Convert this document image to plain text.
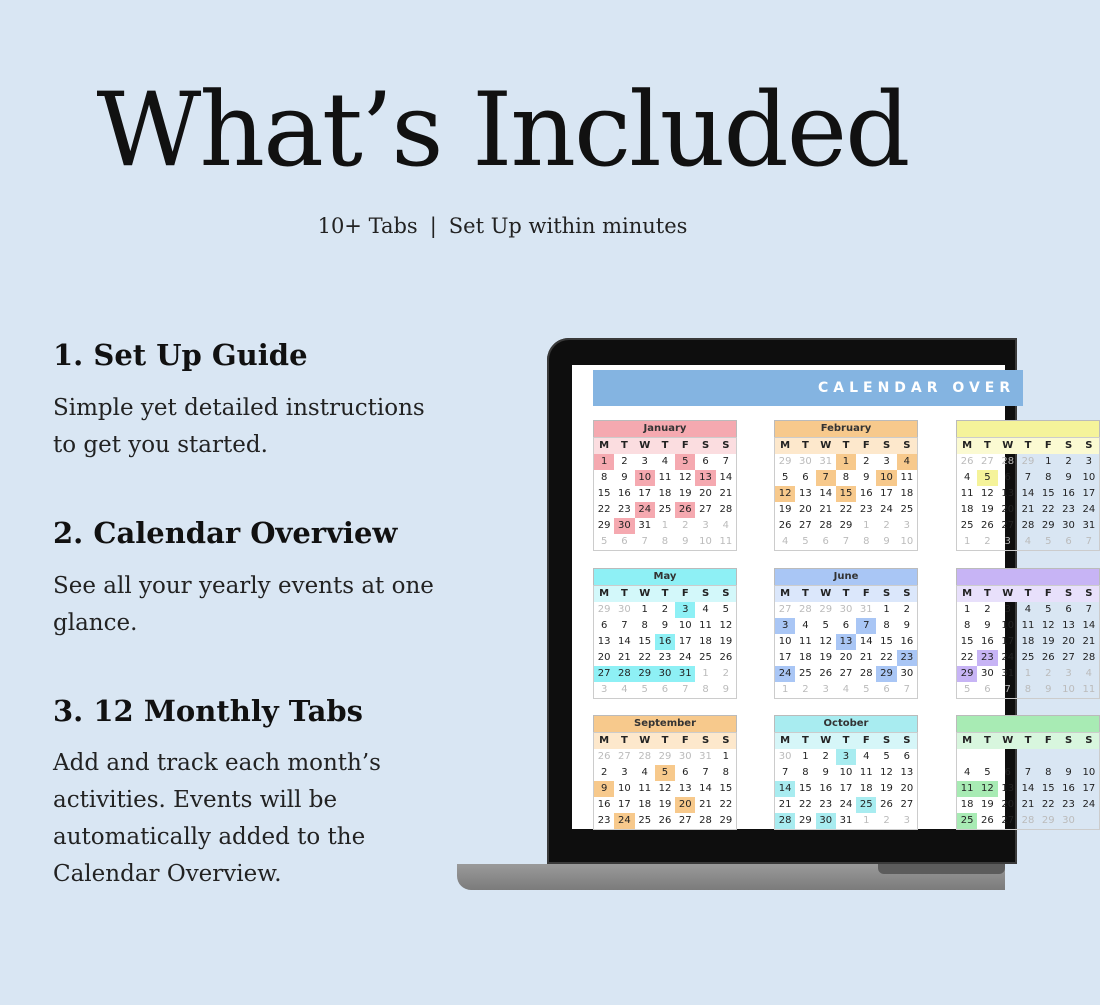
What’s Included
10+ Tabs | Set Up within minutes
1. Set Up Guide
Simple yet detailed instructions
to get you started.
2. Calendar Overview
See all your yearly events at one
glance.
3. 12 Monthly Tabs
Add and track each month’s
activities. Events will be
automatically added to the
Calendar Overview.
CALENDAR OVER
January
M	T	W	T	F	S	S
1	2	3	4	5	6	7
8	9	10 11 12 13 14
15 16 17 18 19 20 21
22 23 24 25 26 27 28
29 30 31	1	2	3	4
5	6	7	8	9	10 11
February
M	T	W	T	F	S	S
29 30 31	1	2	3	4
5	6	7	8	9	10 11
12 13 14 15 16 17 18
19 20 21 22 23 24 25
26 27 28 29	1	2	3
4	5	6	7	8	9	10
M	T	W	T	F	S	S
26 27 28 29	1	2	3
4	5	6	7	8	9	10
11 12 13 14 15 16 17
18 19 20 21 22 23 24
25 26 27 28 29 30 31
1	2	3	4	5	6	7
May
M	T	W	T	F	S	S
29 30	1	2	3	4	5
6	7	8	9	10 11 12
13 14 15 16 17 18 19
20 21 22 23 24 25 26
27 28 29 30 31	1	2
3	4	5	6	7	8	9
June
M	T	W	T	F	S	S
27 28 29 30 31	1	2
3	4	5	6	7	8	9
10 11 12 13 14 15 16
17 18 19 20 21 22 23
24 25 26 27 28 29 30
1	2	3	4	5	6	7
M	T	W	T	F	S	S
1	2	3	4	5	6	7
8	9	10 11 12 13 14
15 16 17 18 19 20 21
22 23 24 25 26 27 28
29 30 31	1	2	3	4
5	6	7	8	9	10 11
September
M	T	W	T	F	S	S
26 27 28 29 30 31	1
2	3	4	5	6	7	8
9	10 11 12 13 14 15
16 17 18 19 20 21 22
23 24 25 26 27 28 29
October
M	T	W	T	F	S	S
30	1	2	3	4	5	6
7	8	9	10 11 12 13
14 15 16 17 18 19 20
21 22 23 24 25 26 27
28 29 30 31	1	2	3
M	T	W	T	F	S	S
4	5	6	7	8	9	10
11 12 13 14 15 16 17
18 19 20 21 22 23 24
25 26 27 28 29 30
